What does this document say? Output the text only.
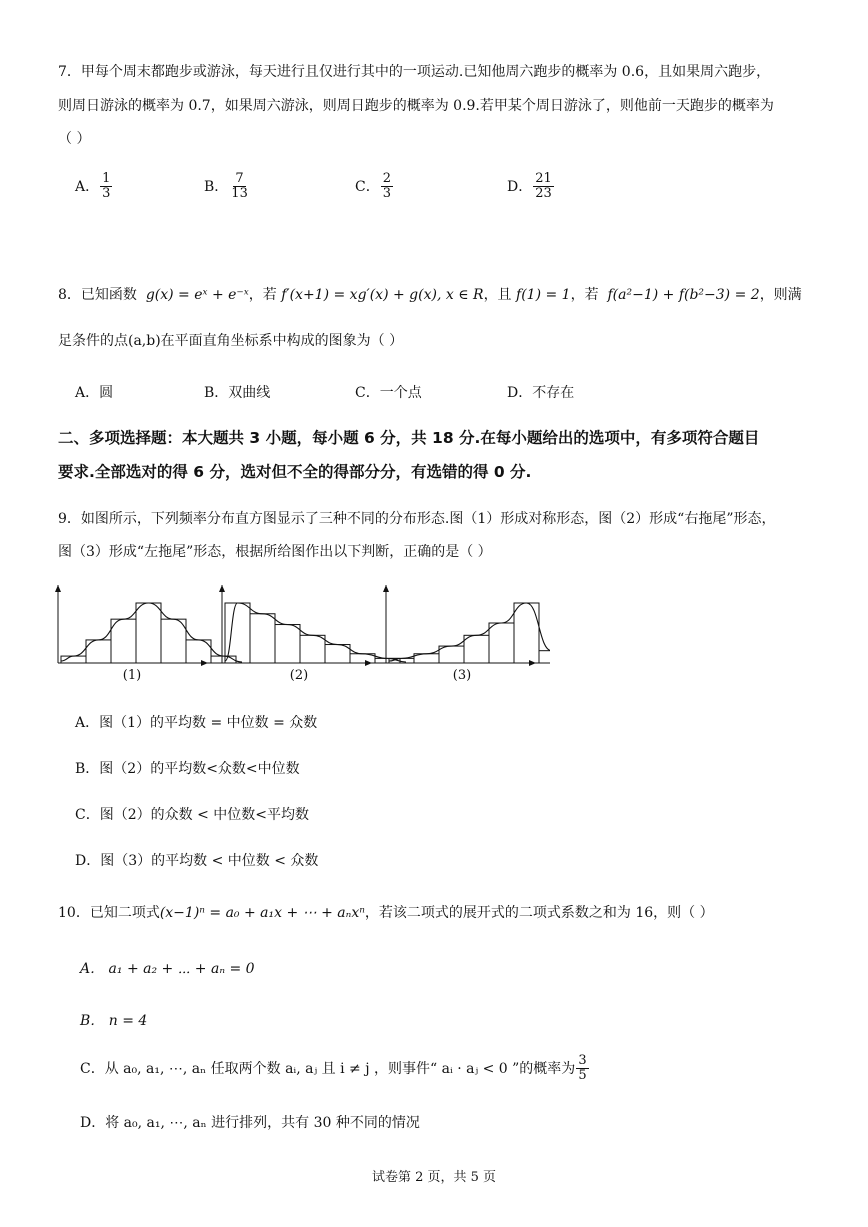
7．甲每个周末都跑步或游泳，每天进行且仅进行其中的一项运动.已知他周六跑步的概率为 0.6，且如果周六跑步，
则周日游泳的概率为 0.7，如果周六游泳，则周日跑步的概率为 0.9.若甲某个周日游泳了，则他前一天跑步的概率为
（ ）
A． $\frac{1}{3}$	B． $\frac{7}{13}$	C． $\frac{2}{3}$	D． $\frac{21}{23}$
8．已知函数 g(x) = eˣ + e⁻ˣ，若 f′(x+1) = xg′(x) + g(x), x ∈ R，且 f(1) = 1，若 f(a²−1) + f(b²−3) = 2，则满
足条件的点(a,b)在平面直角坐标系中构成的图象为（ ）
A．圆	B．双曲线	C．一个点	D．不存在
二、多项选择题：本大题共 3 小题，每小题 6 分，共 18 分.在每小题给出的选项中，有多项符合题目
要求.全部选对的得 6 分，选对但不全的得部分分，有选错的得 0 分.
9．如图所示，下列频率分布直方图显示了三种不同的分布形态.图（1）形成对称形态，图（2）形成“右拖尾”形态，
图（3）形成“左拖尾”形态，根据所给图作出以下判断，正确的是（ ）
(1)	(2)	(3)
A．图（1）的平均数 = 中位数 = 众数
B．图（2）的平均数<众数<中位数
C．图（2）的众数 < 中位数<平均数
D．图（3）的平均数 < 中位数 < 众数
10．已知二项式(x−1)ⁿ = a₀ + a₁x + ⋯ + aₙxⁿ，若该二项式的展开式的二项式系数之和为 16，则（ ）
A． a₁ + a₂ + ⋯ + aₙ = 0
B． n = 4
C．从 a₀, a₁, ⋯, aₙ 任取两个数 aᵢ, aⱼ 且 i ≠ j ，则事件“ aᵢ · aⱼ < 0 ”的概率为 $\frac{3}{5}$
D．将 a₀, a₁, ⋯, aₙ 进行排列，共有 30 种不同的情况
试卷第 2 页，共 5 页
